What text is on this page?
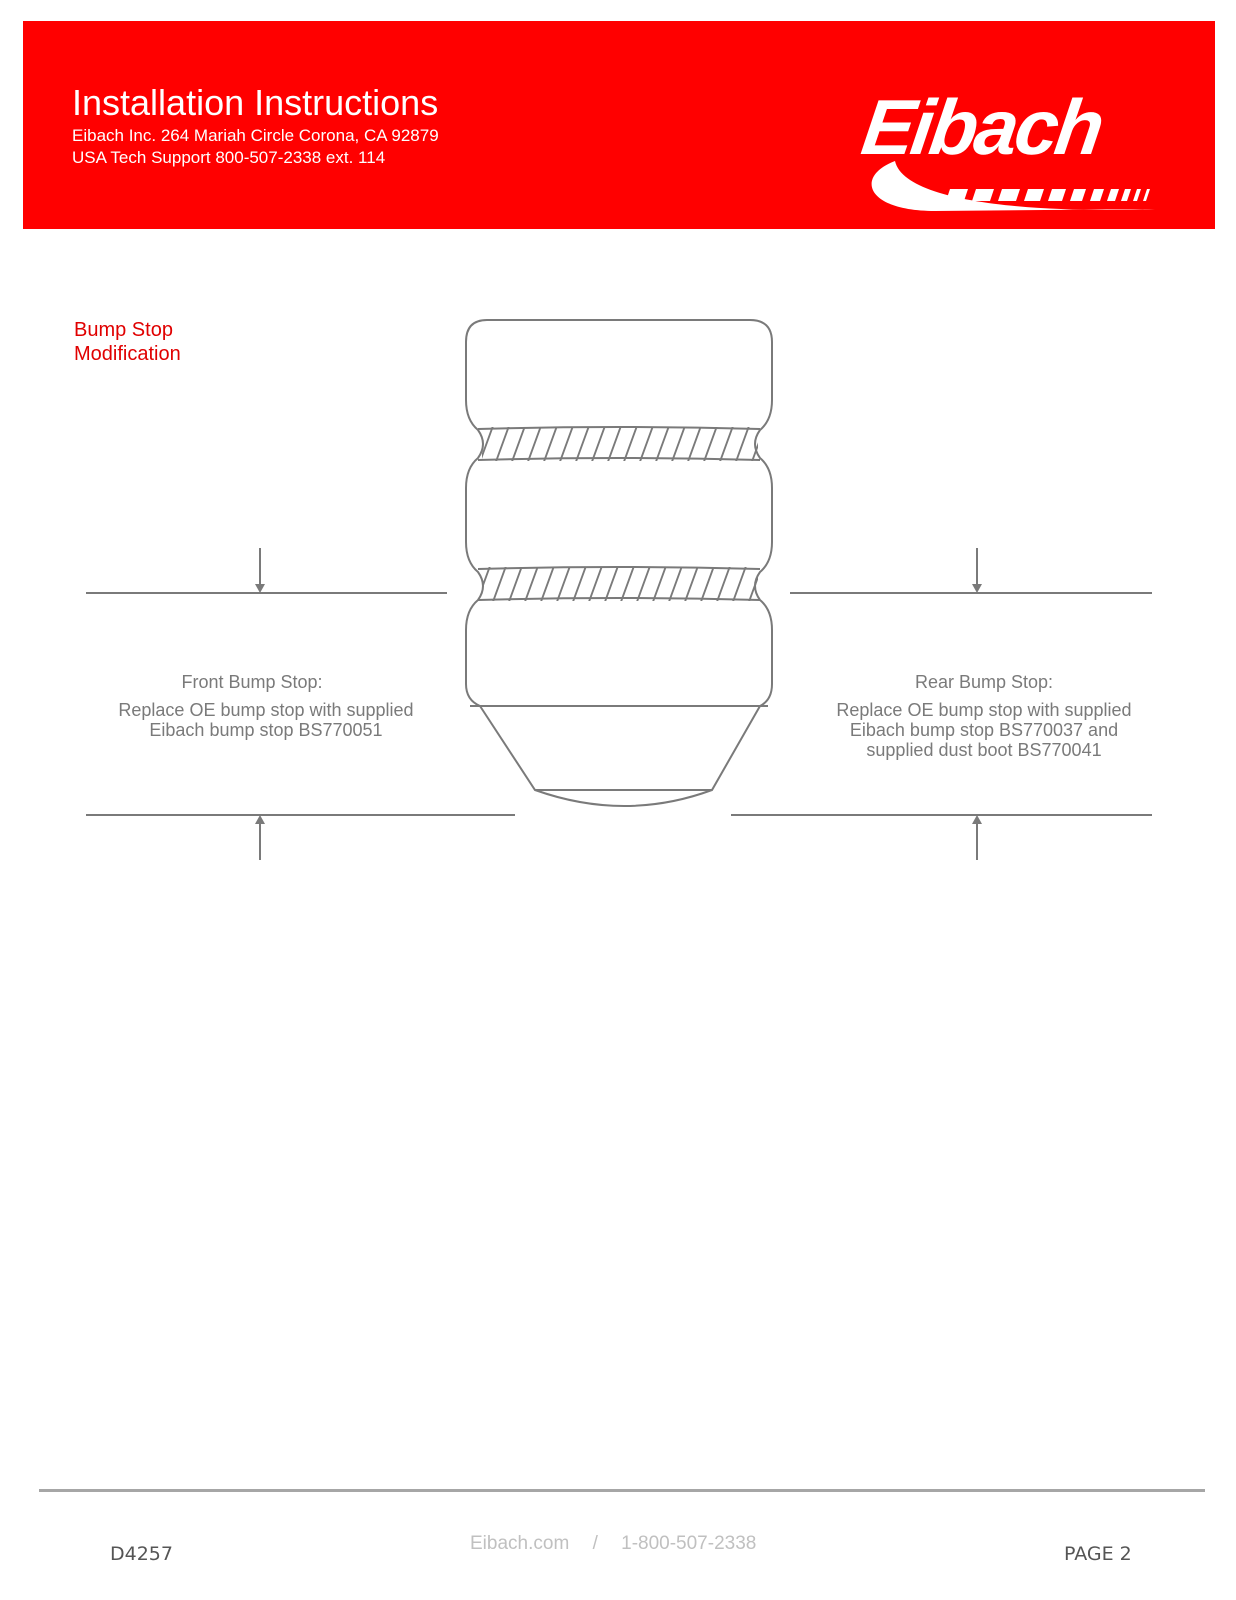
Installation Instructions
Eibach Inc. 264 Mariah Circle Corona, CA 92879
USA Tech Support 800-507-2338 ext. 114	Eibach
Bump Stop
Modification
Front Bump Stop:
Replace OE bump stop with supplied
Eibach bump stop BS770051
Rear Bump Stop:
Replace OE bump stop with supplied
Eibach bump stop BS770037 and
supplied dust boot BS770041
D4257	Eibach.com / 1-800-507-2338	PAGE 2
